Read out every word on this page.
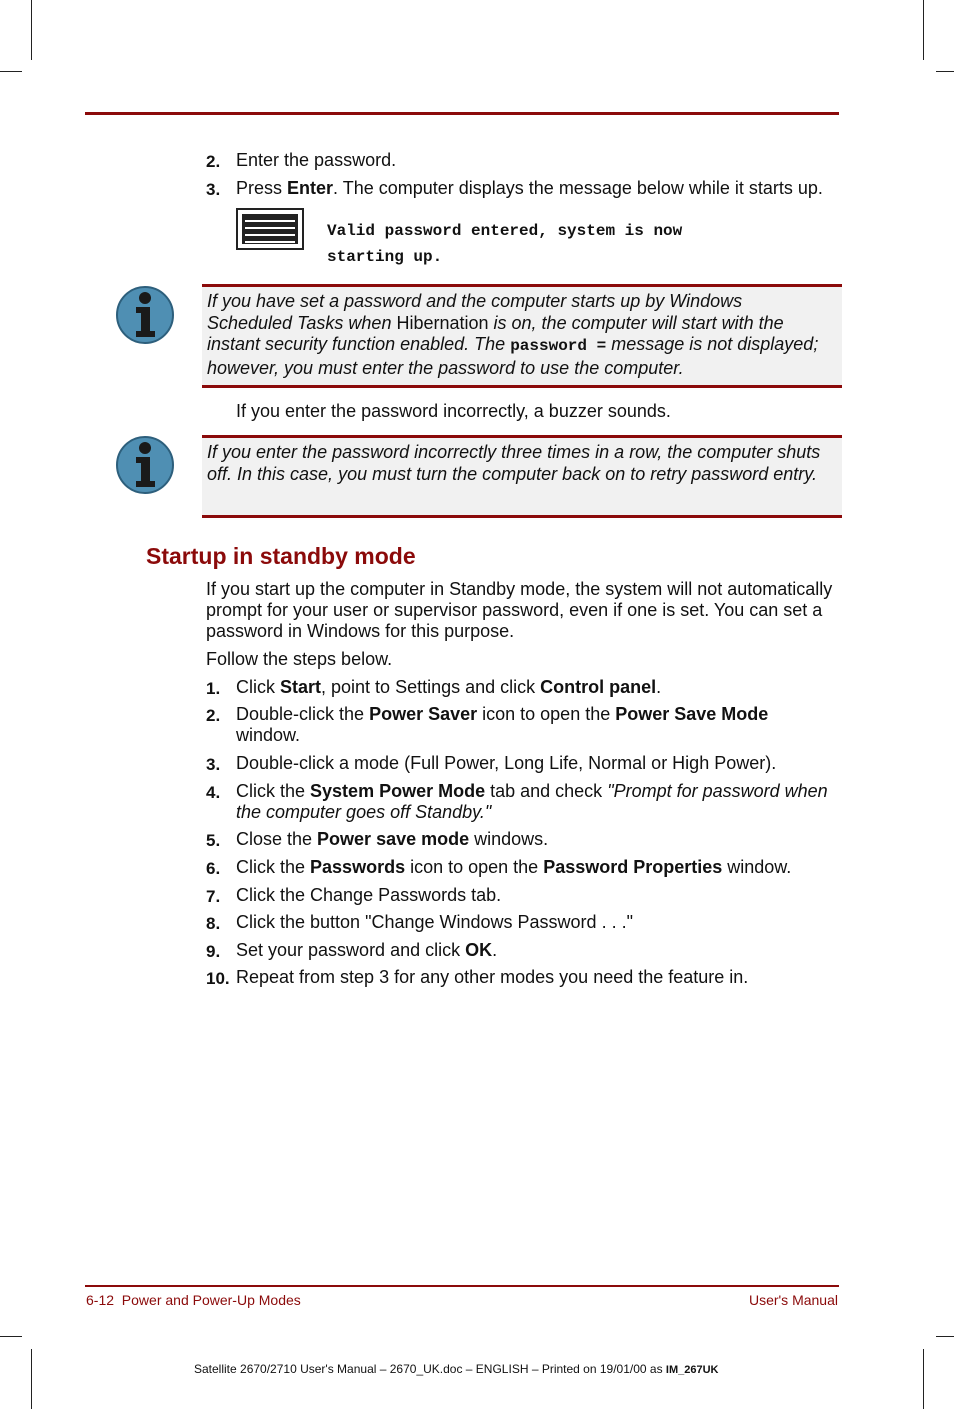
2. Enter the password.
3. Press Enter. The computer displays the message below while it starts up.
Valid password entered, system is now
starting up.
If you have set a password and the computer starts up by Windows Scheduled Tasks when Hibernation is on, the computer will start with the instant security function enabled. The password = message is not displayed; however, you must enter the password to use the computer.
If you enter the password incorrectly, a buzzer sounds.
If you enter the password incorrectly three times in a row, the computer shuts off. In this case, you must turn the computer back on to retry password entry.
Startup in standby mode
If you start up the computer in Standby mode, the system will not automatically prompt for your user or supervisor password, even if one is set. You can set a password in Windows for this purpose.
Follow the steps below.
1. Click Start, point to Settings and click Control panel.
2. Double-click the Power Saver icon to open the Power Save Mode window.
3. Double-click a mode (Full Power, Long Life, Normal or High Power).
4. Click the System Power Mode tab and check "Prompt for password when the computer goes off Standby."
5. Close the Power save mode windows.
6. Click the Passwords icon to open the Password Properties window.
7. Click the Change Passwords tab.
8. Click the button "Change Windows Password . . ."
9. Set your password and click OK.
10. Repeat from step 3 for any other modes you need the feature in.
6-12  Power and Power-Up Modes	User's Manual
Satellite 2670/2710 User's Manual – 2670_UK.doc – ENGLISH – Printed on 19/01/00 as IM_267UK
